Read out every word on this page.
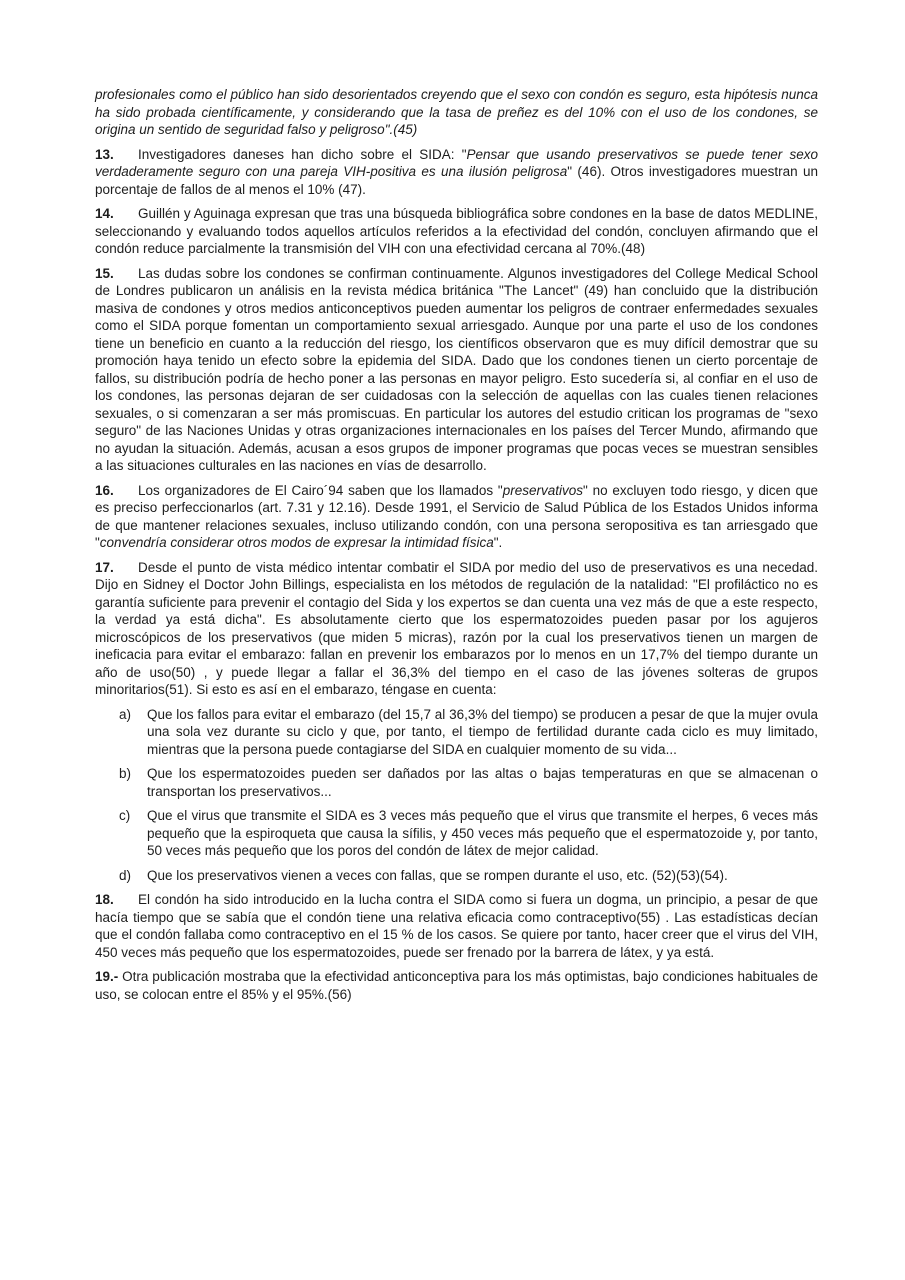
profesionales como el público han sido desorientados creyendo que el sexo con condón es seguro, esta hipótesis nunca ha sido probada científicamente, y considerando que la tasa de preñez es del 10% con el uso de los condones, se origina un sentido de seguridad falso y peligroso".(45)

13. Investigadores daneses han dicho sobre el SIDA: "Pensar que usando preservativos se puede tener sexo verdaderamente seguro con una pareja VIH-positiva es una ilusión peligrosa" (46). Otros investigadores muestran un porcentaje de fallos de al menos el 10% (47).

14. Guillén y Aguinaga expresan que tras una búsqueda bibliográfica sobre condones en la base de datos MEDLINE, seleccionando y evaluando todos aquellos artículos referidos a la efectividad del condón, concluyen afirmando que el condón reduce parcialmente la transmisión del VIH con una efectividad cercana al 70%.(48)

15. Las dudas sobre los condones se confirman continuamente. Algunos investigadores del College Medical School de Londres publicaron un análisis en la revista médica británica "The Lancet" (49) han concluido que la distribución masiva de condones y otros medios anticonceptivos pueden aumentar los peligros de contraer enfermedades sexuales como el SIDA porque fomentan un comportamiento sexual arriesgado. Aunque por una parte el uso de los condones tiene un beneficio en cuanto a la reducción del riesgo, los científicos observaron que es muy difícil demostrar que su promoción haya tenido un efecto sobre la epidemia del SIDA. Dado que los condones tienen un cierto porcentaje de fallos, su distribución podría de hecho poner a las personas en mayor peligro. Esto sucedería si, al confiar en el uso de los condones, las personas dejaran de ser cuidadosas con la selección de aquellas con las cuales tienen relaciones sexuales, o si comenzaran a ser más promiscuas. En particular los autores del estudio critican los programas de "sexo seguro" de las Naciones Unidas y otras organizaciones internacionales en los países del Tercer Mundo, afirmando que no ayudan la situación. Además, acusan a esos grupos de imponer programas que pocas veces se muestran sensibles a las situaciones culturales en las naciones en vías de desarrollo.

16. Los organizadores de El Cairo´94 saben que los llamados "preservativos" no excluyen todo riesgo, y dicen que es preciso perfeccionarlos (art. 7.31 y 12.16). Desde 1991, el Servicio de Salud Pública de los Estados Unidos informa de que mantener relaciones sexuales, incluso utilizando condón, con una persona seropositiva es tan arriesgado que "convendría considerar otros modos de expresar la intimidad física".

17. Desde el punto de vista médico intentar combatir el SIDA por medio del uso de preservativos es una necedad. Dijo en Sidney el Doctor John Billings, especialista en los métodos de regulación de la natalidad: "El profiláctico no es garantía suficiente para prevenir el contagio del Sida y los expertos se dan cuenta una vez más de que a este respecto, la verdad ya está dicha". Es absolutamente cierto que los espermatozoides pueden pasar por los agujeros microscópicos de los preservativos (que miden 5 micras), razón por la cual los preservativos tienen un margen de ineficacia para evitar el embarazo: fallan en prevenir los embarazos por lo menos en un 17,7% del tiempo durante un año de uso(50) , y puede llegar a fallar el 36,3% del tiempo en el caso de las jóvenes solteras de grupos minoritarios(51). Si esto es así en el embarazo, téngase en cuenta:

a)	Que los fallos para evitar el embarazo (del 15,7 al 36,3% del tiempo) se producen a pesar de que la mujer ovula una sola vez durante su ciclo y que, por tanto, el tiempo de fertilidad durante cada ciclo es muy limitado, mientras que la persona puede contagiarse del SIDA en cualquier momento de su vida...
b)	Que los espermatozoides pueden ser dañados por las altas o bajas temperaturas en que se almacenan o transportan los preservativos...
c)	Que el virus que transmite el SIDA es 3 veces más pequeño que el virus que transmite el herpes, 6 veces más pequeño que la espiroqueta que causa la sífilis, y 450 veces más pequeño que el espermatozoide y, por tanto, 50 veces más pequeño que los poros del condón de látex de mejor calidad.
d)	Que los preservativos vienen a veces con fallas, que se rompen durante el uso, etc. (52)(53)(54).

18. El condón ha sido introducido en la lucha contra el SIDA como si fuera un dogma, un principio, a pesar de que hacía tiempo que se sabía que el condón tiene una relativa eficacia como contraceptivo(55) . Las estadísticas decían que el condón fallaba como contraceptivo en el 15 % de los casos. Se quiere por tanto, hacer creer que el virus del VIH, 450 veces más pequeño que los espermatozoides, puede ser frenado por la barrera de látex, y ya está.

19.- Otra publicación mostraba que la efectividad anticonceptiva para los más optimistas, bajo condiciones habituales de uso, se colocan entre el 85% y el 95%.(56)
